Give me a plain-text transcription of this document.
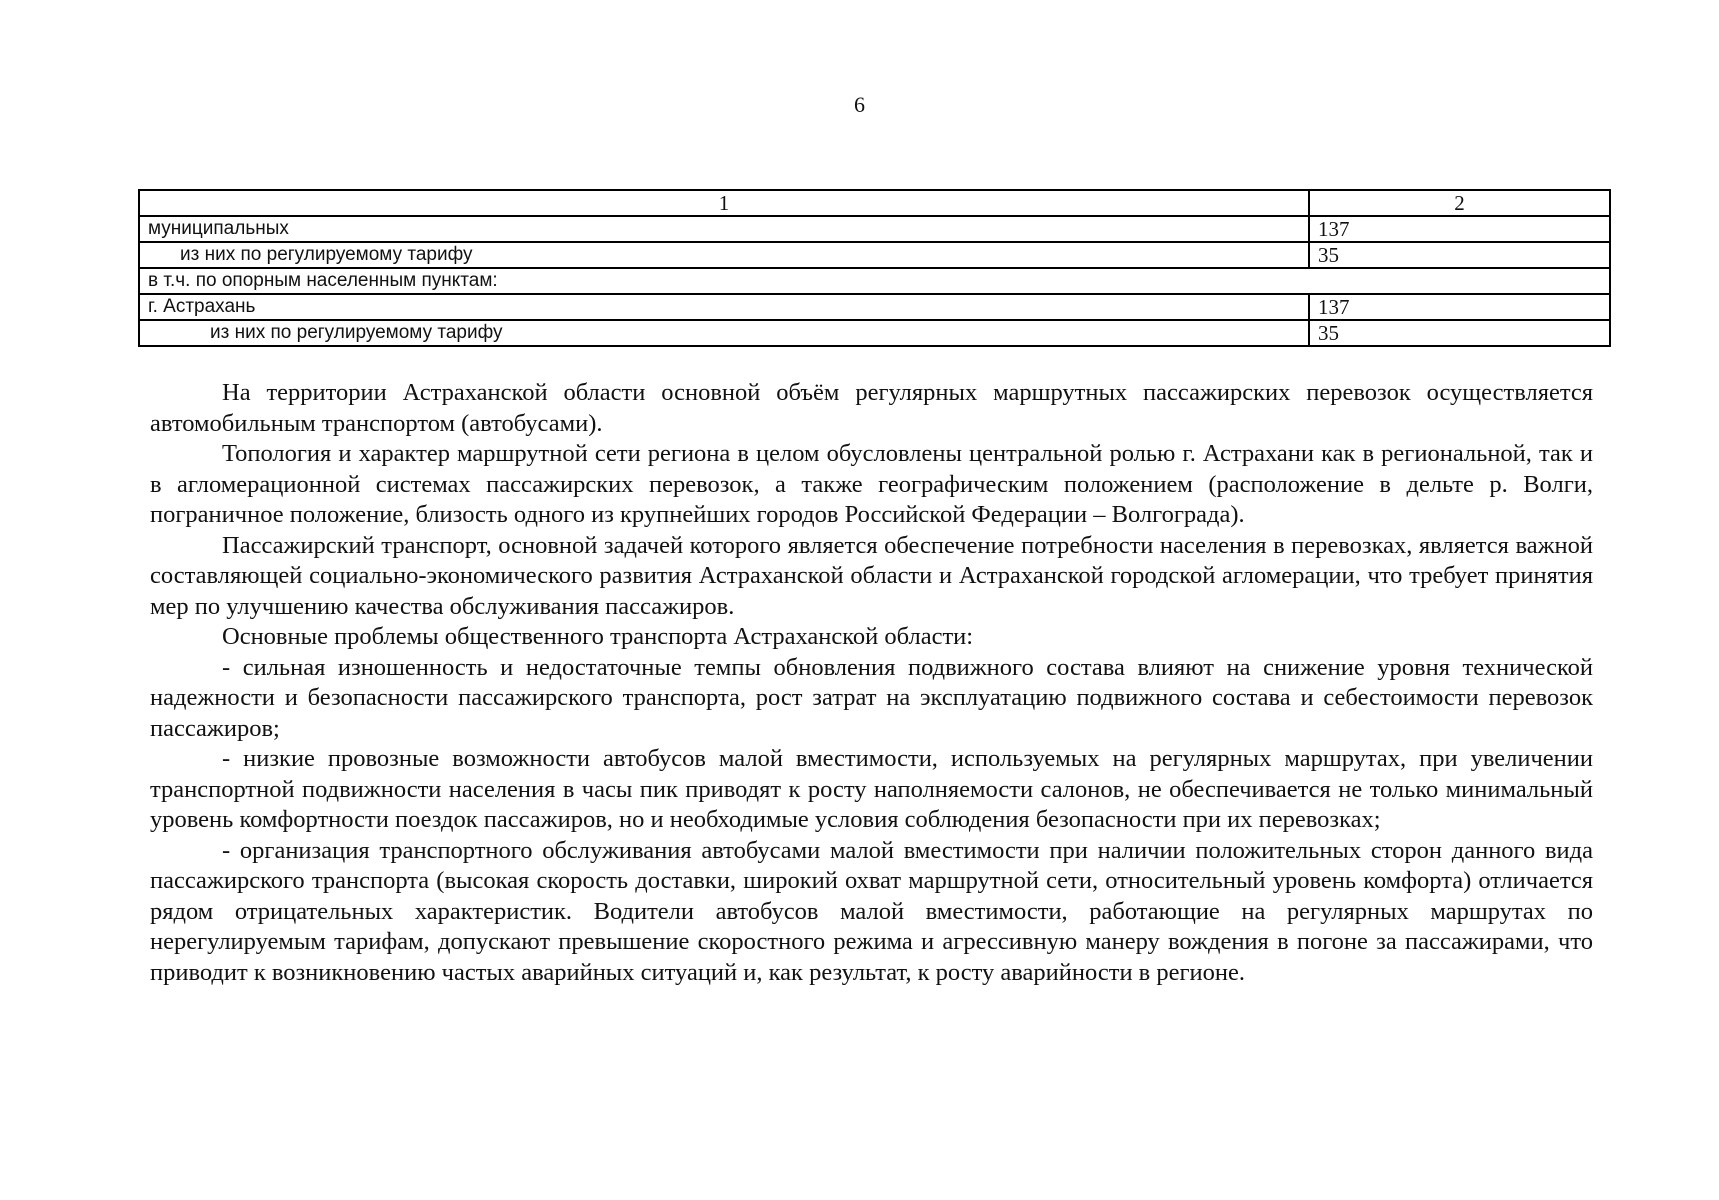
6
1	2
муниципальных	137
из них по регулируемому тарифу	35
в т.ч. по опорным населенным пунктам:	
г. Астрахань	137
из них по регулируемому тарифу	35

На территории Астраханской области основной объём регулярных маршрутных пассажирских перевозок осуществляется автомобильным транспортом (автобусами).

Топология и характер маршрутной сети региона в целом обусловлены центральной ролью г. Астрахани как в региональной, так и в агломерационной системах пассажирских перевозок, а также географическим положением (расположение в дельте р. Волги, пограничное положение, близость одного из крупнейших городов Российской Федерации – Волгограда).

Пассажирский транспорт, основной задачей которого является обеспечение потребности населения в перевозках, является важной составляющей социально-экономического развития Астраханской области и Астраханской городской агломерации, что требует принятия мер по улучшению качества обслуживания пассажиров.

Основные проблемы общественного транспорта Астраханской области:

- сильная изношенность и недостаточные темпы обновления подвижного состава влияют на снижение уровня технической надежности и безопасности пассажирского транспорта, рост затрат на эксплуатацию подвижного состава и себестоимости перевозок пассажиров;

- низкие провозные возможности автобусов малой вместимости, используемых на регулярных маршрутах, при увеличении транспортной подвижности населения в часы пик приводят к росту наполняемости салонов, не обеспечивается не только минимальный уровень комфортности поездок пассажиров, но и необходимые условия соблюдения безопасности при их перевозках;

- организация транспортного обслуживания автобусами малой вместимости при наличии положительных сторон данного вида пассажирского транспорта (высокая скорость доставки, широкий охват маршрутной сети, относительный уровень комфорта) отличается рядом отрицательных характеристик. Водители автобусов малой вместимости, работающие на регулярных маршрутах по нерегулируемым тарифам, допускают превышение скоростного режима и агрессивную манеру вождения в погоне за пассажирами, что приводит к возникновению частых аварийных ситуаций и, как результат, к росту аварийности в регионе.
